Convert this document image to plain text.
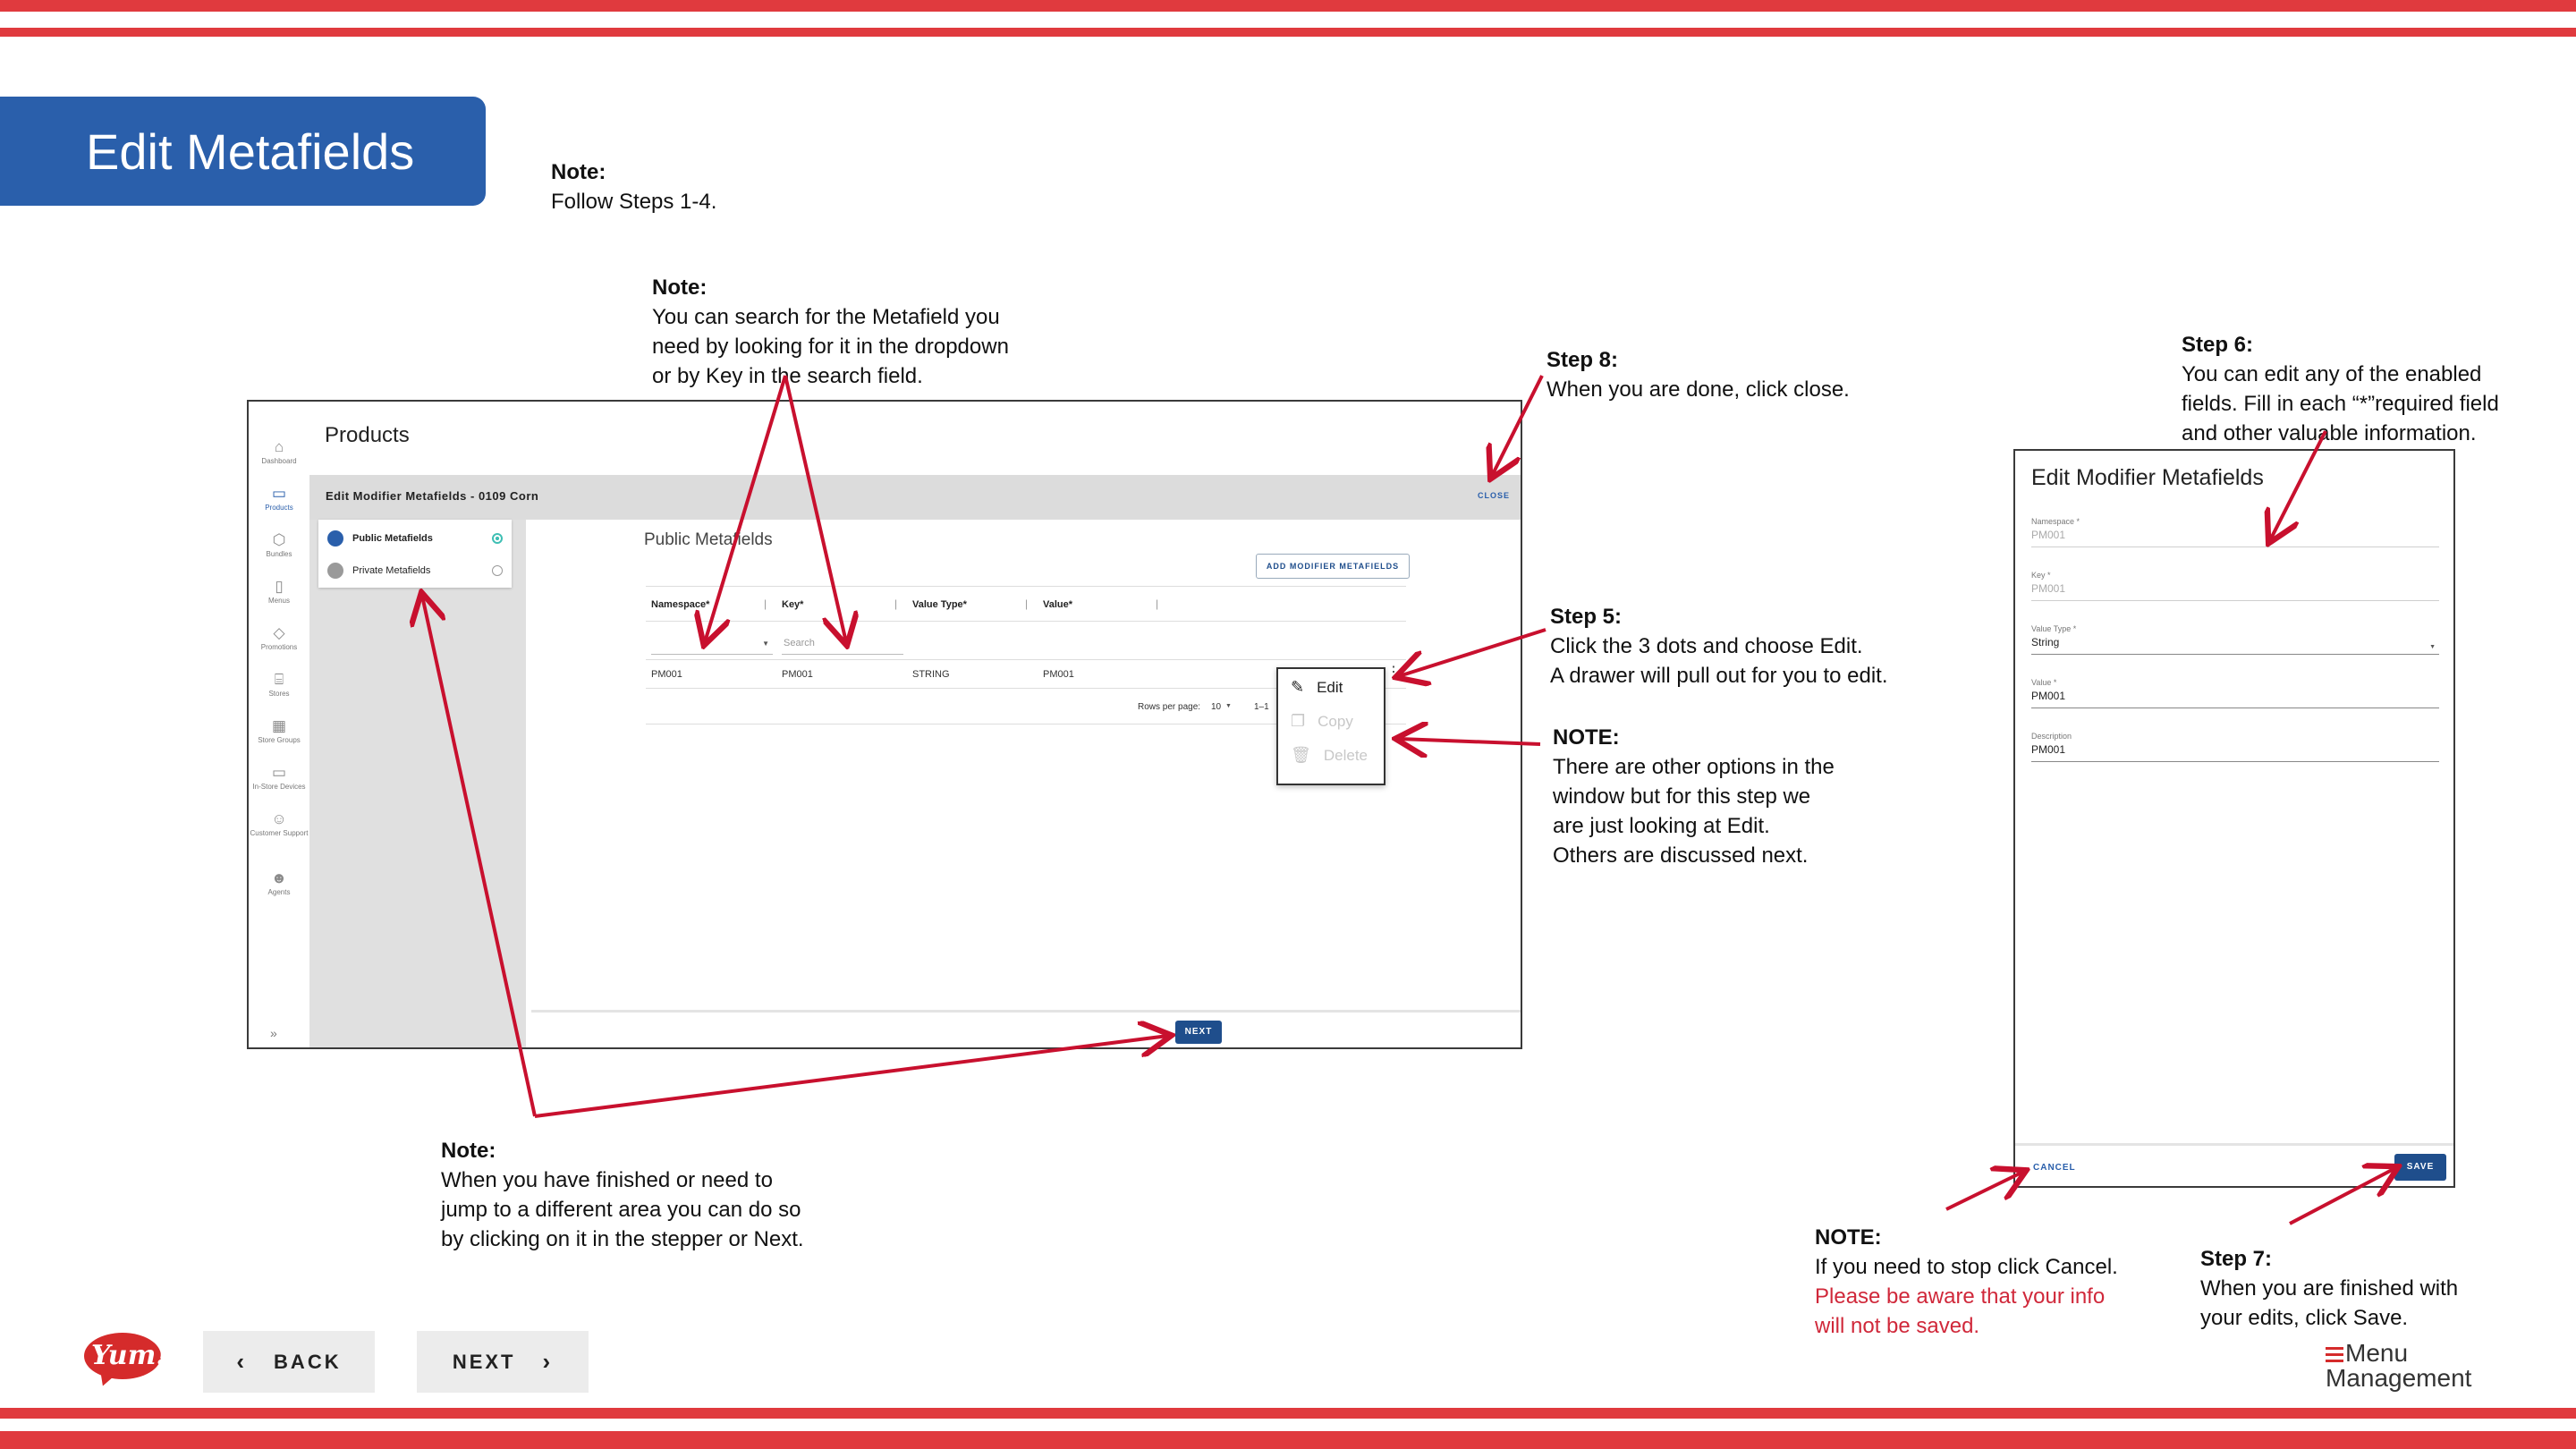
Edit Metafields	Note:
Follow Steps 1-4.

Note:
You can search for the Metafield you
need by looking for it in the dropdown
or by Key in the search field.

Step 8:
When you are done, click close.

Step 6:
You can edit any of the enabled
fields. Fill in each “*”required field
and other valuable information.

Step 5:
Click the 3 dots and choose Edit.
A drawer will pull out for you to edit.

NOTE:
There are other options in the
window but for this step we
are just looking at Edit.
Others are discussed next.

Note:
When you have finished or need to
jump to a different area you can do so
by clicking on it in the stepper or Next.	NOTE:
If you need to stop click Cancel.
Please be aware that your info
will not be saved.

Step 7:
When you are finished with
your edits, click Save.

⌂
Dashboard
▭
Products
⬡
Bundles
▯
Menus
◇
Promotions
⌸
Stores
▦
Store Groups
▭
In-Store Devices
☺
Customer Support
☻
Agents
»
Products
Edit Modifier Metafields - 0109 Corn	CLOSE
Public Metafields
Private Metafields
Public Metafields
ADD MODIFIER METAFIELDS
Namespace*	| Key*	| Value Type*	| Value*	|
▼ Search
PM001	PM001	STRING	PM001	⋮
Rows per page: 10 ▼	1–1
✎ Edit
❐ Copy
🗑 Delete
NEXT
Edit Modifier Metafields
Namespace *
PM001
Key *
PM001
Value Type *
String	▼
Value *
PM001
Description
PM001
CANCEL	SAVE
Yum!	‹ BACK	NEXT ›	Menu
Management
